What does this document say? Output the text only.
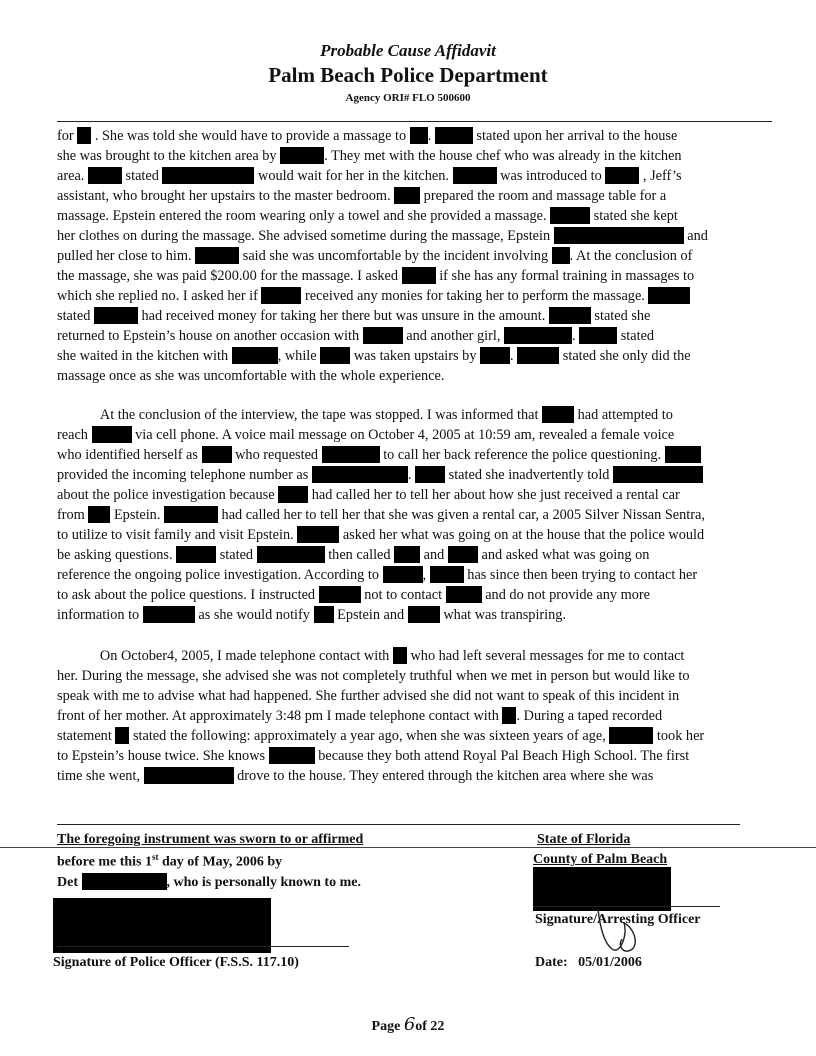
Probable Cause Affidavit
Palm Beach Police Department
Agency ORI# FLO 500600
for  . She was told she would have to provide a massage to .	stated upon her arrival to the house
she was brought to the kitchen area by	. They met with the house chef who was already in the kitchen
area.  stated	would wait for her in the kitchen.	was introduced to  , Jeff’s
assistant, who brought her upstairs to the master bedroom.  prepared the room and massage table for a
massage. Epstein entered the room wearing only a towel and she provided a massage.	stated she kept
her clothes on during the massage. She advised sometime during the massage, Epstein	and
pulled her close to him.	said she was uncomfortable by the incident involving . At the conclusion of
the massage, she was paid $200.00 for the massage. I asked  if she has any formal training in massages to
which she replied no. I asked her if	received any monies for taking her to perform the massage.
stated	had received money for taking her there but was unsure in the amount.	stated she
returned to Epstein’s house on another occasion with	and another girl,	.	stated
she waited in the kitchen with	, while  was taken upstairs by .	stated she only did the
massage once as she was uncomfortable with the whole experience.
At the conclusion of the interview, the tape was stopped. I was informed that  had attempted to
reach	via cell phone. A voice mail message on October 4, 2005 at 10:59 am, revealed a female voice
who identified herself as  who requested	to call her back reference the police questioning.
provided the incoming telephone number as	.  stated she inadvertently told
about the police investigation because  had called her to tell her about how she just received a rental car
from  Epstein.	had called her to tell her that she was given a rental car, a 2005 Silver Nissan Sentra,
to utilize to visit family and visit Epstein.	asked her what was going on at the house that the police would
be asking questions.	stated	then called  and  and asked what was going on
reference the ongoing police investigation. According to	,  has since then been trying to contact her
to ask about the police questions. I instructed	not to contact	and do not provide any more
information to	as she would notify  Epstein and  what was transpiring.
On October4, 2005, I made telephone contact with  who had left several messages for me to contact
her. During the message, she advised she was not completely truthful when we met in person but would like to
speak with me to advise what had happened. She further advised she did not want to speak of this incident in
front of her mother. At approximately 3:48 pm I made telephone contact with . During a taped recorded
statement  stated the following: approximately a year ago, when she was sixteen years of age,	took her
to Epstein’s house twice. She knows	because they both attend Royal Pal Beach High School. The first
time she went,	drove to the house. They entered through the kitchen area where she was
The foregoing instrument was sworn to or affirmed
before me this 1st day of May, 2006 by
Det	, who is personally known to me.
Signature of Police Officer (F.S.S. 117.10)
State of Florida
County of Palm Beach
Signature/Arresting Officer
Date: 05/01/2006
Page 6of 22
